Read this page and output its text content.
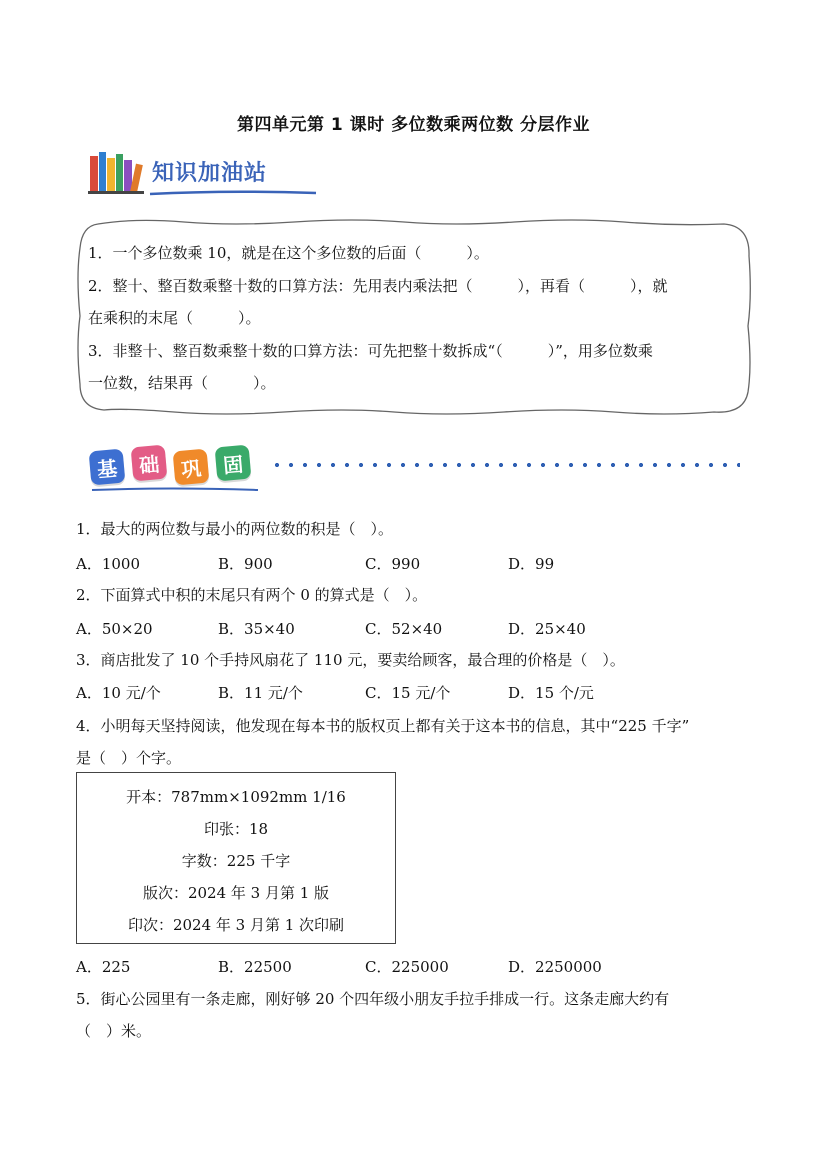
第四单元第 1 课时 多位数乘两位数 分层作业
知识加油站
1．一个多位数乘 10，就是在这个多位数的后面（　　　）。
2．整十、整百数乘整十数的口算方法：先用表内乘法把（　　　），再看（　　　），就
在乘积的末尾（　　　）。
3．非整十、整百数乘整十数的口算方法：可先把整十数拆成“（　　　）”，用多位数乘
一位数，结果再（　　　）。
基 础 巩 固
1．最大的两位数与最小的两位数的积是（　）。
A．1000	B．900	C．990	D．99
2．下面算式中积的末尾只有两个 0 的算式是（　）。
A．50×20	B．35×40	C．52×40	D．25×40
3．商店批发了 10 个手持风扇花了 110 元，要卖给顾客，最合理的价格是（　）。
A．10 元/个	B．11 元/个	C．15 元/个	D．15 个/元
4．小明每天坚持阅读，他发现在每本书的版权页上都有关于这本书的信息，其中“225 千字”
是（　）个字。
开本：787mm×1092mm 1/16
印张：18
字数：225 千字
版次：2024 年 3 月第 1 版
印次：2024 年 3 月第 1 次印刷
A．225	B．22500	C．225000	D．2250000
5．街心公园里有一条走廊，刚好够 20 个四年级小朋友手拉手排成一行。这条走廊大约有
（　）米。
